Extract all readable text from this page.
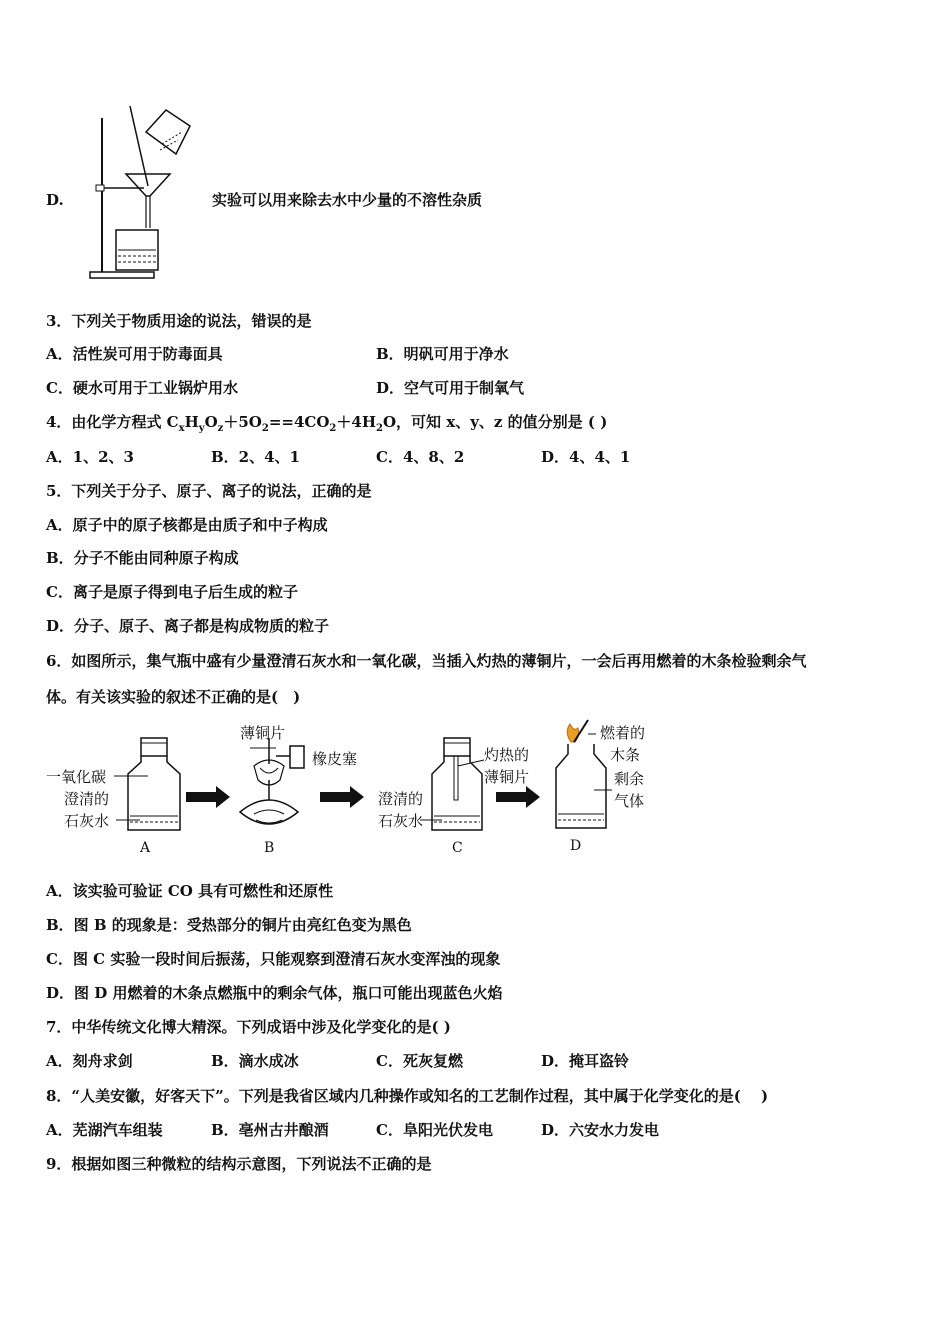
D.	实验可以用来除去水中少量的不溶性杂质
3．下列关于物质用途的说法，错误的是
A．活性炭可用于防毒面具	B．明矾可用于净水
C．硬水可用于工业锅炉用水	D．空气可用于制氧气
4．由化学方程式 $C_xH_yO_z+5O_2==4CO_2+4H_2O$，可知 x、y、z 的值分别是 ( )
A．1、2、3	B．2、4、1	C．4、8、2	D．4、4、1
5．下列关于分子、原子、离子的说法，正确的是
A．原子中的原子核都是由质子和中子构成
B．分子不能由同种原子构成
C．离子是原子得到电子后生成的粒子
D．分子、原子、离子都是构成物质的粒子
6．如图所示，集气瓶中盛有少量澄清石灰水和一氧化碳，当插入灼热的薄铜片，一会后再用燃着的木条检验剩余气
体。有关该实验的叙述不正确的是(　)
一氧化碳
澄清的
石灰水
A
薄铜片
橡皮塞
B
灼热的
薄铜片
澄清的
石灰水
C
燃着的
木条
剩余
气体
D
A．该实验可验证 CO 具有可燃性和还原性
B．图 B 的现象是：受热部分的铜片由亮红色变为黑色
C．图 C 实验一段时间后振荡，只能观察到澄清石灰水变浑浊的现象
D．图 D 用燃着的木条点燃瓶中的剩余气体，瓶口可能出现蓝色火焰
7．中华传统文化博大精深。下列成语中涉及化学变化的是( )
A．刻舟求剑	B．滴水成冰	C．死灰复燃	D．掩耳盗铃
8．“人美安徽，好客天下”。下列是我省区域内几种操作或知名的工艺制作过程，其中属于化学变化的是(　 )
A．芜湖汽车组装	B．亳州古井酿酒	C．阜阳光伏发电	D．六安水力发电
9．根据如图三种微粒的结构示意图，下列说法不正确的是
